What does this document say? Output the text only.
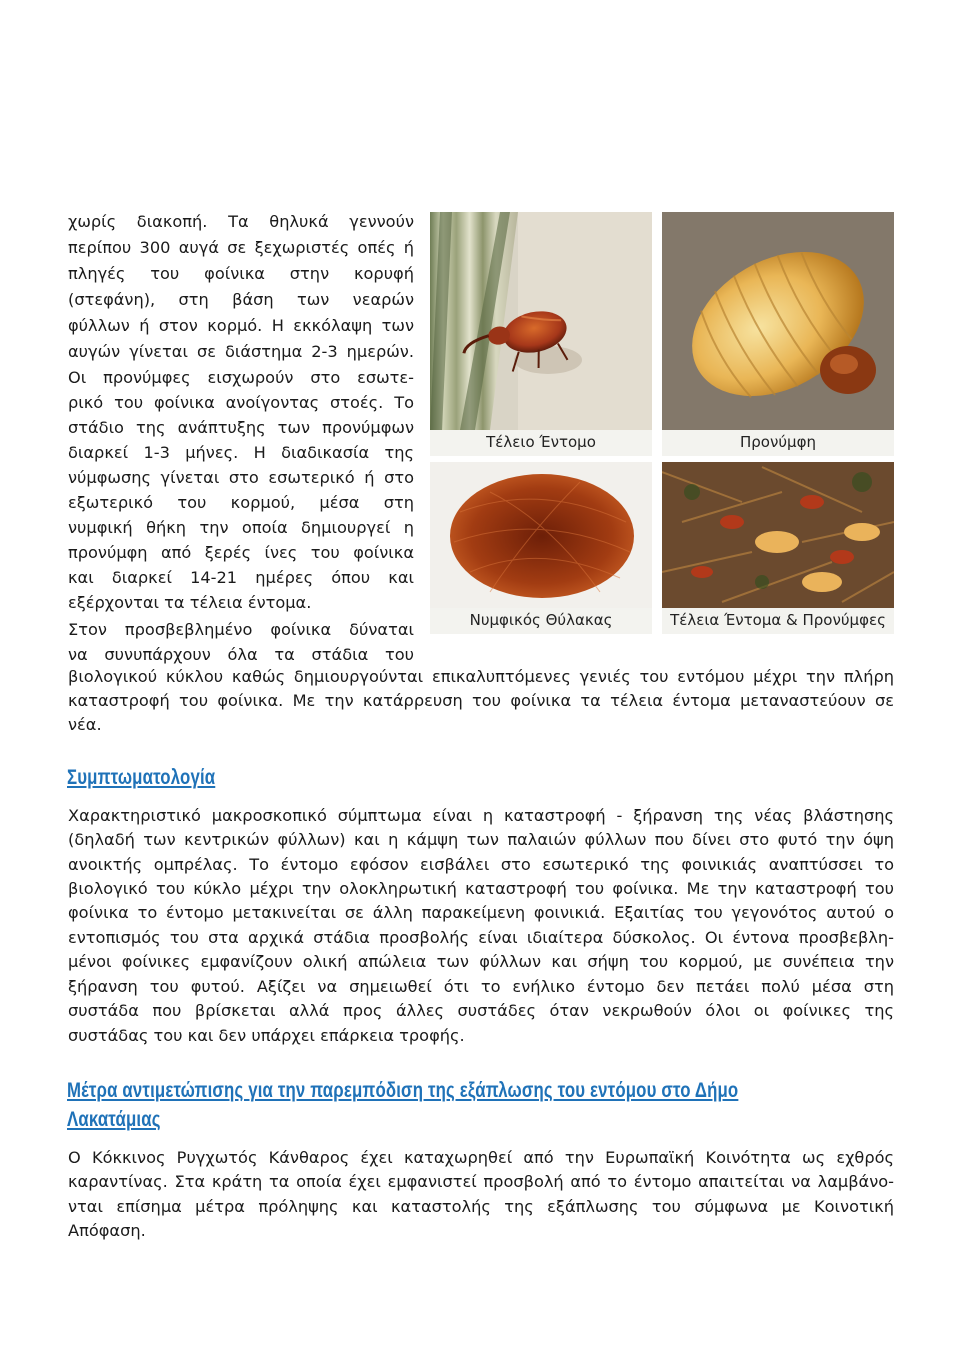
χωρίς διακοπή. Τα θηλυκά γεννούν
περίπου 300 αυγά σε ξεχωριστές οπές ή
πληγές του φοίνικα στην κορυφή
(στεφάνη), στη βάση των νεαρών
φύλλων ή στον κορμό. Η εκκόλαψη των
αυγών γίνεται σε διάστημα 2-3 ημερών.
Οι προνύμφες εισχωρούν στο εσωτε-
ρικό του φοίνικα ανοίγοντας στοές. Το
στάδιο της ανάπτυξης των προνύμφων
διαρκεί 1-3 μήνες. Η διαδικασία της
νύμφωσης γίνεται στο εσωτερικό ή στο
εξωτερικό του κορμού, μέσα στη
νυμφική θήκη την οποία δημιουργεί η
προνύμφη από ξερές ίνες του φοίνικα
και διαρκεί 14-21 ημέρες όπου και
εξέρχονται τα τέλεια έντομα.
Στον προσβεβλημένο φοίνικα δύναται
να συνυπάρχουν όλα τα στάδια του
Τέλειο Έντομο	Προνύμφη
Νυμφικός Θύλακας	Τέλεια Έντομα & Προνύμφες
βιολογικού κύκλου καθώς δημιουργούνται επικαλυπτόμενες γενιές του εντόμου μέχρι την πλήρη
καταστροφή του φοίνικα. Με την κατάρρευση του φοίνικα τα τέλεια έντομα μεταναστεύουν σε
νέα.
Συμπτωματολογία
Χαρακτηριστικό μακροσκοπικό σύμπτωμα είναι η καταστροφή - ξήρανση της νέας βλάστησης
(δηλαδή των κεντρικών φύλλων) και η κάμψη των παλαιών φύλλων που δίνει στο φυτό την όψη
ανοικτής ομπρέλας. Το έντομο εφόσον εισβάλει στο εσωτερικό της φοινικιάς αναπτύσσει το
βιολογικό του κύκλο μέχρι την ολοκληρωτική καταστροφή του φοίνικα. Με την καταστροφή του
φοίνικα το έντομο μετακινείται σε άλλη παρακείμενη φοινικιά. Εξαιτίας του γεγονότος αυτού ο
εντοπισμός του στα αρχικά στάδια προσβολής είναι ιδιαίτερα δύσκολος. Οι έντονα προσβεβλη-
μένοι φοίνικες εμφανίζουν ολική απώλεια των φύλλων και σήψη του κορμού, με συνέπεια την
ξήρανση του φυτού. Αξίζει να σημειωθεί ότι το ενήλικο έντομο δεν πετάει πολύ μέσα στη
συστάδα που βρίσκεται αλλά προς άλλες συστάδες όταν νεκρωθούν όλοι οι φοίνικες της
συστάδας του και δεν υπάρχει επάρκεια τροφής.
Μέτρα αντιμετώπισης για την παρεμπόδιση της εξάπλωσης του εντόμου στο Δήμο
Λακατάμιας
Ο Κόκκινος Ρυγχωτός Κάνθαρος έχει καταχωρηθεί από την Ευρωπαϊκή Κοινότητα ως εχθρός
καραντίνας. Στα κράτη τα οποία έχει εμφανιστεί προσβολή από το έντομο απαιτείται να λαμβάνο-
νται επίσημα μέτρα πρόληψης και καταστολής της εξάπλωσης του σύμφωνα με Κοινοτική
Απόφαση.
